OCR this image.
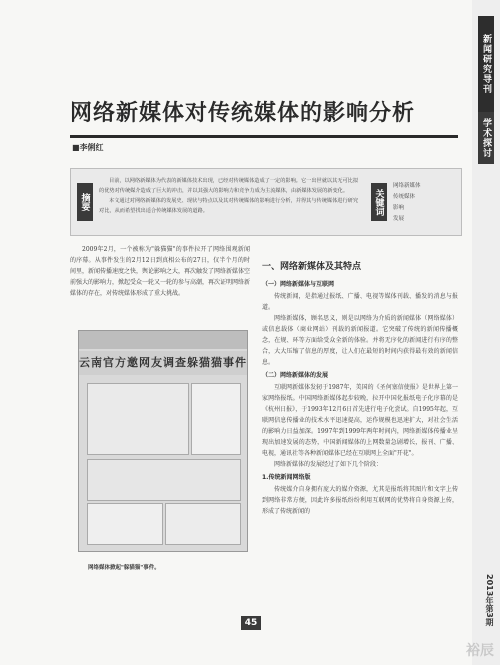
新闻研究导刊
学术探讨
2013年第3期
网络新媒体对传统媒体的影响分析
■李俐红
摘要

目前，以网络新媒体为代表的新媒体技术出现，已经对传统媒体造成了一定的影响。它一出世就以其无可比拟的优势对传统媒介造成了巨大的冲击，并以其强大的影响力和竞争力成为主流媒体，由新媒体发展的新变化。

本文通过对网络新媒体的发展史、现状与特点以及其对传统媒体的影响进行分析，并得其与传统媒体进行研究对比，从而希望找出适合传统媒体发展的道路。	关键词
网络新媒体
传统媒体
影响
发展

2009年2月，一个被称为"躲猫猫"的事件拉开了网络围观新闻的序幕。从事件发生的2月12日到真相公布的27日，仅半个月的时间里，新闻传播速度之快，舆论影响之大，再次触发了网络新媒体空前强大的影响力，掀起受众一轮又一轮的参与高潮，再次证明网络新媒体的存在，对传统媒体形成了重大挑战。

云南官方邀网友调查躲猫猫事件
网络媒体掀起"躲猫猫"事件。
一、网络新媒体及其特点
（一）网络新媒体与互联网

传统新闻，是指通过报纸、广播、电视等媒体刊载、播发的消息与报道。

网络新媒体，顾名思义，则是以网络为介质的新闻媒体（网络媒体）或信息载体（商业网站）刊载的新闻报道。它突破了传统的新闻传播概念，在规、环等方面给受众全新的体验。并将无序化的新闻进行有序的整合，大大压缩了信息的厚度，让人们在最短的时间内获得最有效的新闻信息。

（二）网络新媒体的发展

互联网新媒体发轫于1987年，美国的《圣何塞信使报》是世界上第一家网络报纸。中国网络新媒体起步较晚，拉开中国化报纸电子化序幕的是《杭州日报》，于1993年12月6日首先进行电子化尝试。自1995年起，互联网信息传播业的技术水平迅速提高，运作规模也迅速扩大，对社会生活的影响力日益加深。1997年到1999年两年时间内，网络新媒体传播业呈现出加速发展的态势，中国新闻媒体的上网数量急剧增长，报刊、广播、电视，通讯社等各种新闻媒体已经在互联网上全面"开花"。

网络新媒体的发展经过了如下几个阶段：

1.传统新闻网络版

传统媒介自身拥有庞大的媒介资源，尤其是报纸将其图片和文字上传到网络非常方便，因此许多报纸纷纷利用互联网的优势将自身资源上传，形成了传统新闻的

45
裕辰
